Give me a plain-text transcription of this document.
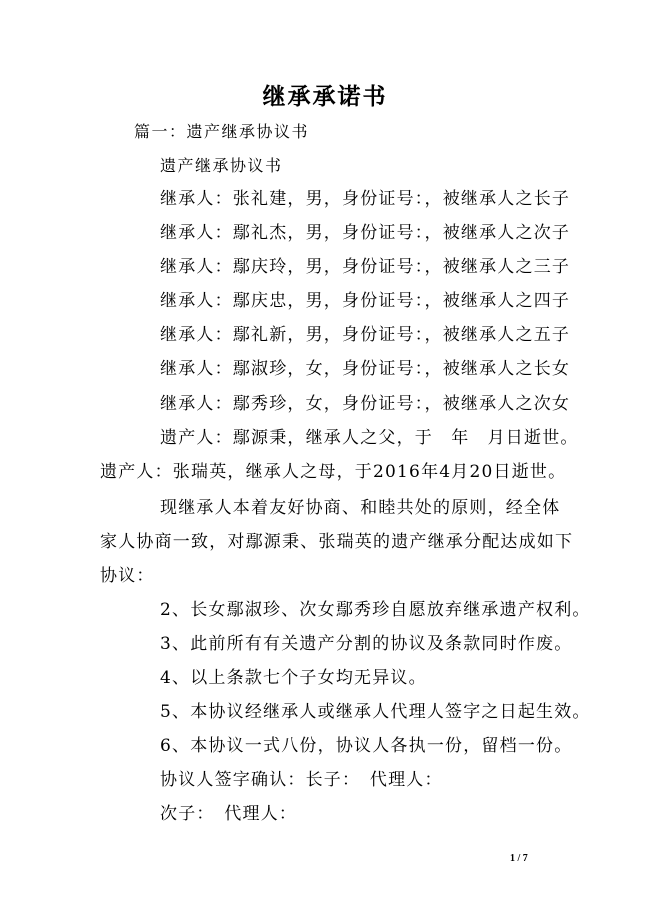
继承承诺书
篇一：遗产继承协议书
遗产继承协议书
继承人：张礼建，男，身份证号：，被继承人之长子
继承人：鄢礼杰，男，身份证号：，被继承人之次子
继承人：鄢庆玲，男，身份证号：，被继承人之三子
继承人：鄢庆忠，男，身份证号：，被继承人之四子
继承人：鄢礼新，男，身份证号：，被继承人之五子
继承人：鄢淑珍，女，身份证号：，被继承人之长女
继承人：鄢秀珍，女，身份证号：，被继承人之次女
遗产人：鄢源秉，继承人之父，于　年　月日逝世。
遗产人：张瑞英，继承人之母，于2016年4月20日逝世。
现继承人本着友好协商、和睦共处的原则，经全体
家人协商一致，对鄢源秉、张瑞英的遗产继承分配达成如下
协议：
2、长女鄢淑珍、次女鄢秀珍自愿放弃继承遗产权利。
3、此前所有有关遗产分割的协议及条款同时作废。
4、以上条款七个子女均无异议。
5、本协议经继承人或继承人代理人签字之日起生效。
6、本协议一式八份，协议人各执一份，留档一份。
协议人签字确认：长子：　代理人：
次子：　代理人：
1 / 7
